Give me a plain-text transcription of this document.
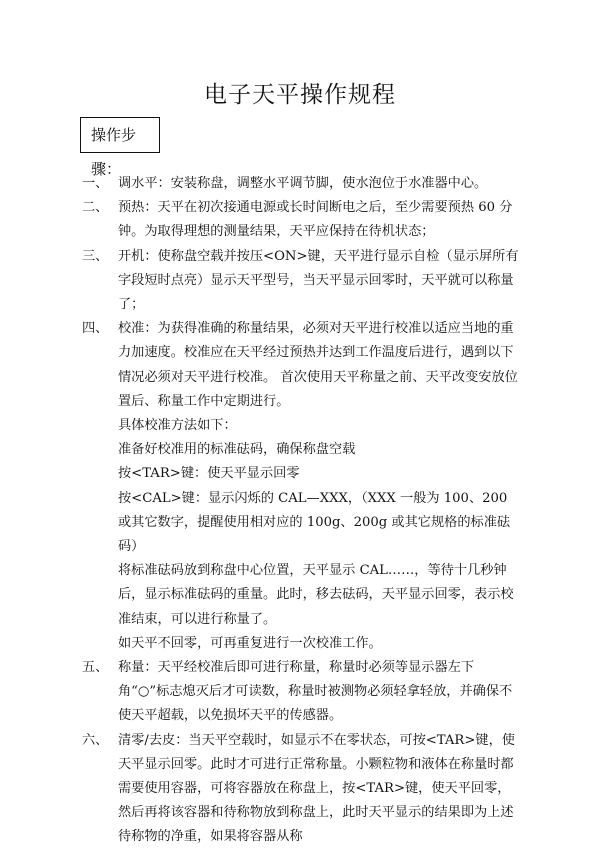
电子天平操作规程
操作步骤：

一、 调水平：安装称盘，调整水平调节脚，使水泡位于水准器中心。

二、 预热：天平在初次接通电源或长时间断电之后，至少需要预热 60 分钟。为取得理想的测量结果，天平应保持在待机状态；

三、 开机：使称盘空载并按压<ON>键，天平进行显示自检（显示屏所有字段短时点亮）显示天平型号，当天平显示回零时，天平就可以称量了；

四、 校准：为获得准确的称量结果，必须对天平进行校准以适应当地的重力加速度。校准应在天平经过预热并达到工作温度后进行，遇到以下情况必须对天平进行校准。 首次使用天平称量之前、天平改变安放位置后、称量工作中定期进行。

具体校准方法如下：

准备好校准用的标准砝码，确保称盘空载

按<TAR>键：使天平显示回零

按<CAL>键：显示闪烁的 CAL—XXX，（XXX 一般为 100、200 或其它数字，提醒使用相对应的 100g、200g 或其它规格的标准砝码）

将标准砝码放到称盘中心位置，天平显示 CAL……，等待十几秒钟后，显示标准砝码的重量。此时，移去砝码，天平显示回零，表示校准结束，可以进行称量了。

如天平不回零，可再重复进行一次校准工作。

五、 称量：天平经校准后即可进行称量，称量时必须等显示器左下角“○”标志熄灭后才可读数，称量时被测物必须轻拿轻放，并确保不使天平超载，以免损坏天平的传感器。

六、 清零/去皮：当天平空载时，如显示不在零状态，可按<TAR>键，使天平显示回零。此时才可进行正常称量。小颗粒物和液体在称量时都需要使用容器，可将容器放在称盘上，按<TAR>键，使天平回零，然后再将该容器和待称物放到称盘上，此时天平显示的结果即为上述待称物的净重，如果将容器从称
